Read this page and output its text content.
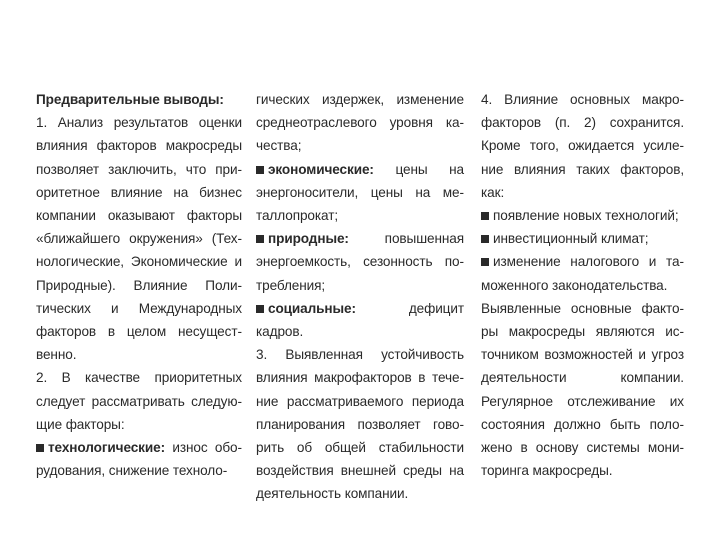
Предварительные выводы:
1. Анализ результатов оценки влияния факторов макросреды позволяет заключить, что приоритетное влияние на бизнес компании оказывают факторы «ближайшего окружения» (Технологические, Экономические и Природные). Влияние Политических и Международных факторов в целом несущественно.
2. В качестве приоритетных следует рассматривать следующие факторы:
технологические: износ оборудования, снижение техноло-
гических издержек, изменение среднеотраслевого уровня качества;
экономические: цены на энергоносители, цены на металлопрокат;
природные: повышенная энергоемкость, сезонность потребления;
социальные: дефицит кадров.
3. Выявленная устойчивость влияния макрофакторов в течение рассматриваемого периода планирования позволяет говорить об общей стабильности воздействия внешней среды на деятельность компании.
4. Влияние основных макрофакторов (п. 2) сохранится. Кроме того, ожидается усиление влияния таких факторов, как:
появление новых технологий;
инвестиционный климат;
изменение налогового и таможенного законодательства.
Выявленные основные факторы макросреды являются источником возможностей и угроз деятельности компании. Регулярное отслеживание их состояния должно быть положено в основу системы мониторинга макросреды.
